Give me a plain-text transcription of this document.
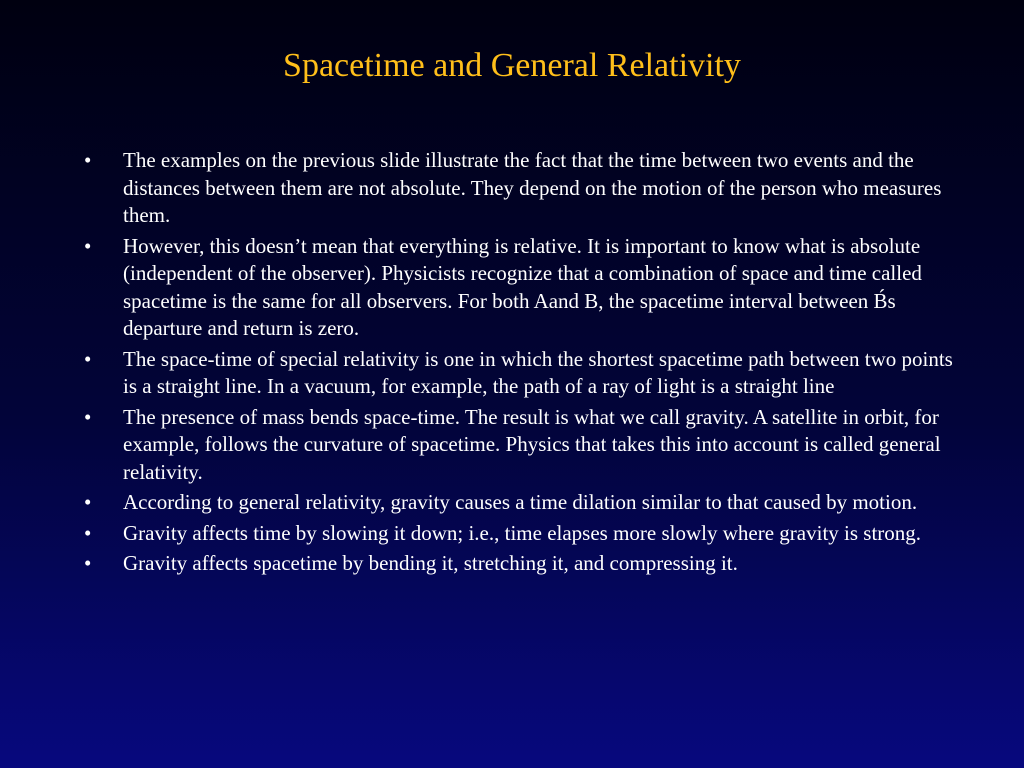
Spacetime and General Relativity
• The examples on the previous slide illustrate the fact that the time between two events and the distances between them are not absolute. They depend on the motion of the person who measures them.
• However, this doesn’t mean that everything is relative. It is important to know what is absolute (independent of the observer). Physicists recognize that a combination of space and time called spacetime is the same for all observers. For both Aand B, the spacetime interval between B́s departure and return is zero.
• The space-time of special relativity is one in which the shortest spacetime path between two points is a straight line. In a vacuum, for example, the path of a ray of light is a straight line
• The presence of mass bends space-time. The result is what we call gravity. A satellite in orbit, for example, follows the curvature of spacetime. Physics that takes this into account is called general relativity.
• According to general relativity, gravity causes a time dilation similar to that caused by motion.
• Gravity affects time by slowing it down; i.e., time elapses more slowly where gravity is strong.
• Gravity affects spacetime by bending it, stretching it, and compressing it.
